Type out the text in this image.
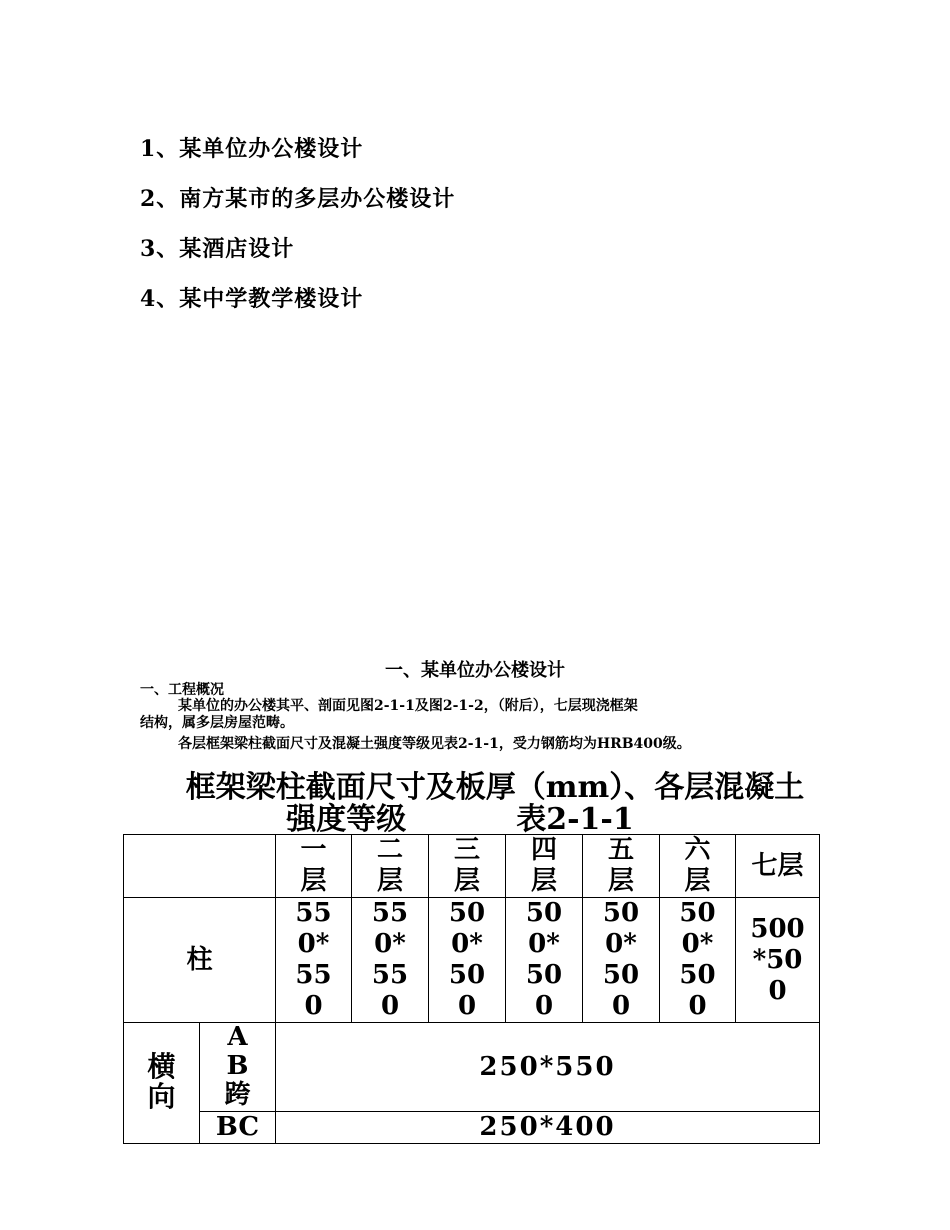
1、某单位办公楼设计
2、南方某市的多层办公楼设计
3、某酒店设计
4、某中学教学楼设计
一、某单位办公楼设计
一、工程概况
某单位的办公楼其平、剖面见图2-1-1及图2-1-2，（附后），七层现浇框架
结构，属多层房屋范畴。
各层框架梁柱截面尺寸及混凝土强度等级见表2-1-1，受力钢筋均为HRB400级。
框架梁柱截面尺寸及板厚（mm）、各层混凝土
强度等级	表2-1-1
		一层	二层	三层	四层	五层	六层	七层
柱		550*550	550*550	500*500	500*500	500*500	500*500	500*500
横向	AB跨	250*550						
	BC	250*400						
